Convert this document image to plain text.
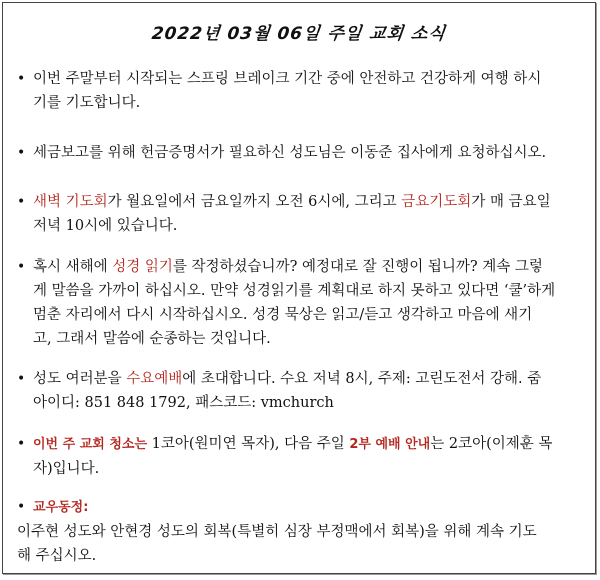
2022년 03월 06일 주일 교회 소식
• 이번 주말부터 시작되는 스프링 브레이크 기간 중에 안전하고 건강하게 여행 하시
기를 기도합니다.
• 세금보고를 위해 헌금증명서가 필요하신 성도님은 이동준 집사에게 요청하십시오.
• 새벽 기도회가 월요일에서 금요일까지 오전 6시에, 그리고 금요기도회가 매 금요일
저녁 10시에 있습니다.
• 혹시 새해에 성경 읽기를 작정하셨습니까? 예정대로 잘 진행이 됩니까? 계속 그렇
게 말씀을 가까이 하십시오. 만약 성경읽기를 계획대로 하지 못하고 있다면 ‘쿨’하게
멈춘 자리에서 다시 시작하십시오. 성경 묵상은 읽고/듣고 생각하고 마음에 새기
고, 그래서 말씀에 순종하는 것입니다.
• 성도 여러분을 수요예배에 초대합니다. 수요 저녁 8시, 주제: 고린도전서 강해. 줌
아이디: 851 848 1792, 패스코드: vmchurch
• 이번 주 교회 청소는 1코아(원미연 목자), 다음 주일 2부 예배 안내는 2코아(이제훈 목
자)입니다.
• 교우동정:
이주현 성도와 안현경 성도의 회복(특별히 심장 부정맥에서 회복)을 위해 계속 기도
해 주십시오.
